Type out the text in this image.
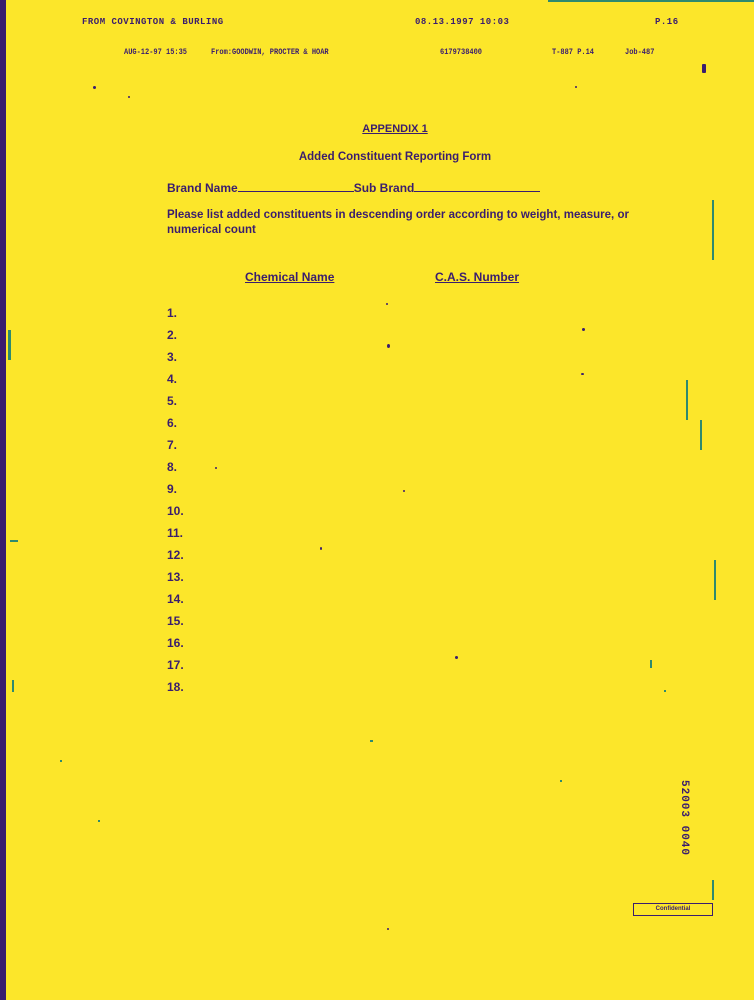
FROM COVINGTON & BURLING	08.13.1997 10:03	P.16
AUG-12-97 15:35	From:GOODWIN, PROCTER & HOAR	6179738400	T-887 P.14	Job-487
APPENDIX 1
Added Constituent Reporting Form
Brand Name	Sub Brand
Please list added constituents in descending order according to weight, measure, or numerical count
Chemical Name	C.A.S. Number
1.
2.
3.
4.
5.
6.
7.
8.
9.
10.
11.
12.
13.
14.
15.
16.
17.
18.
52003 0040
Confidential
